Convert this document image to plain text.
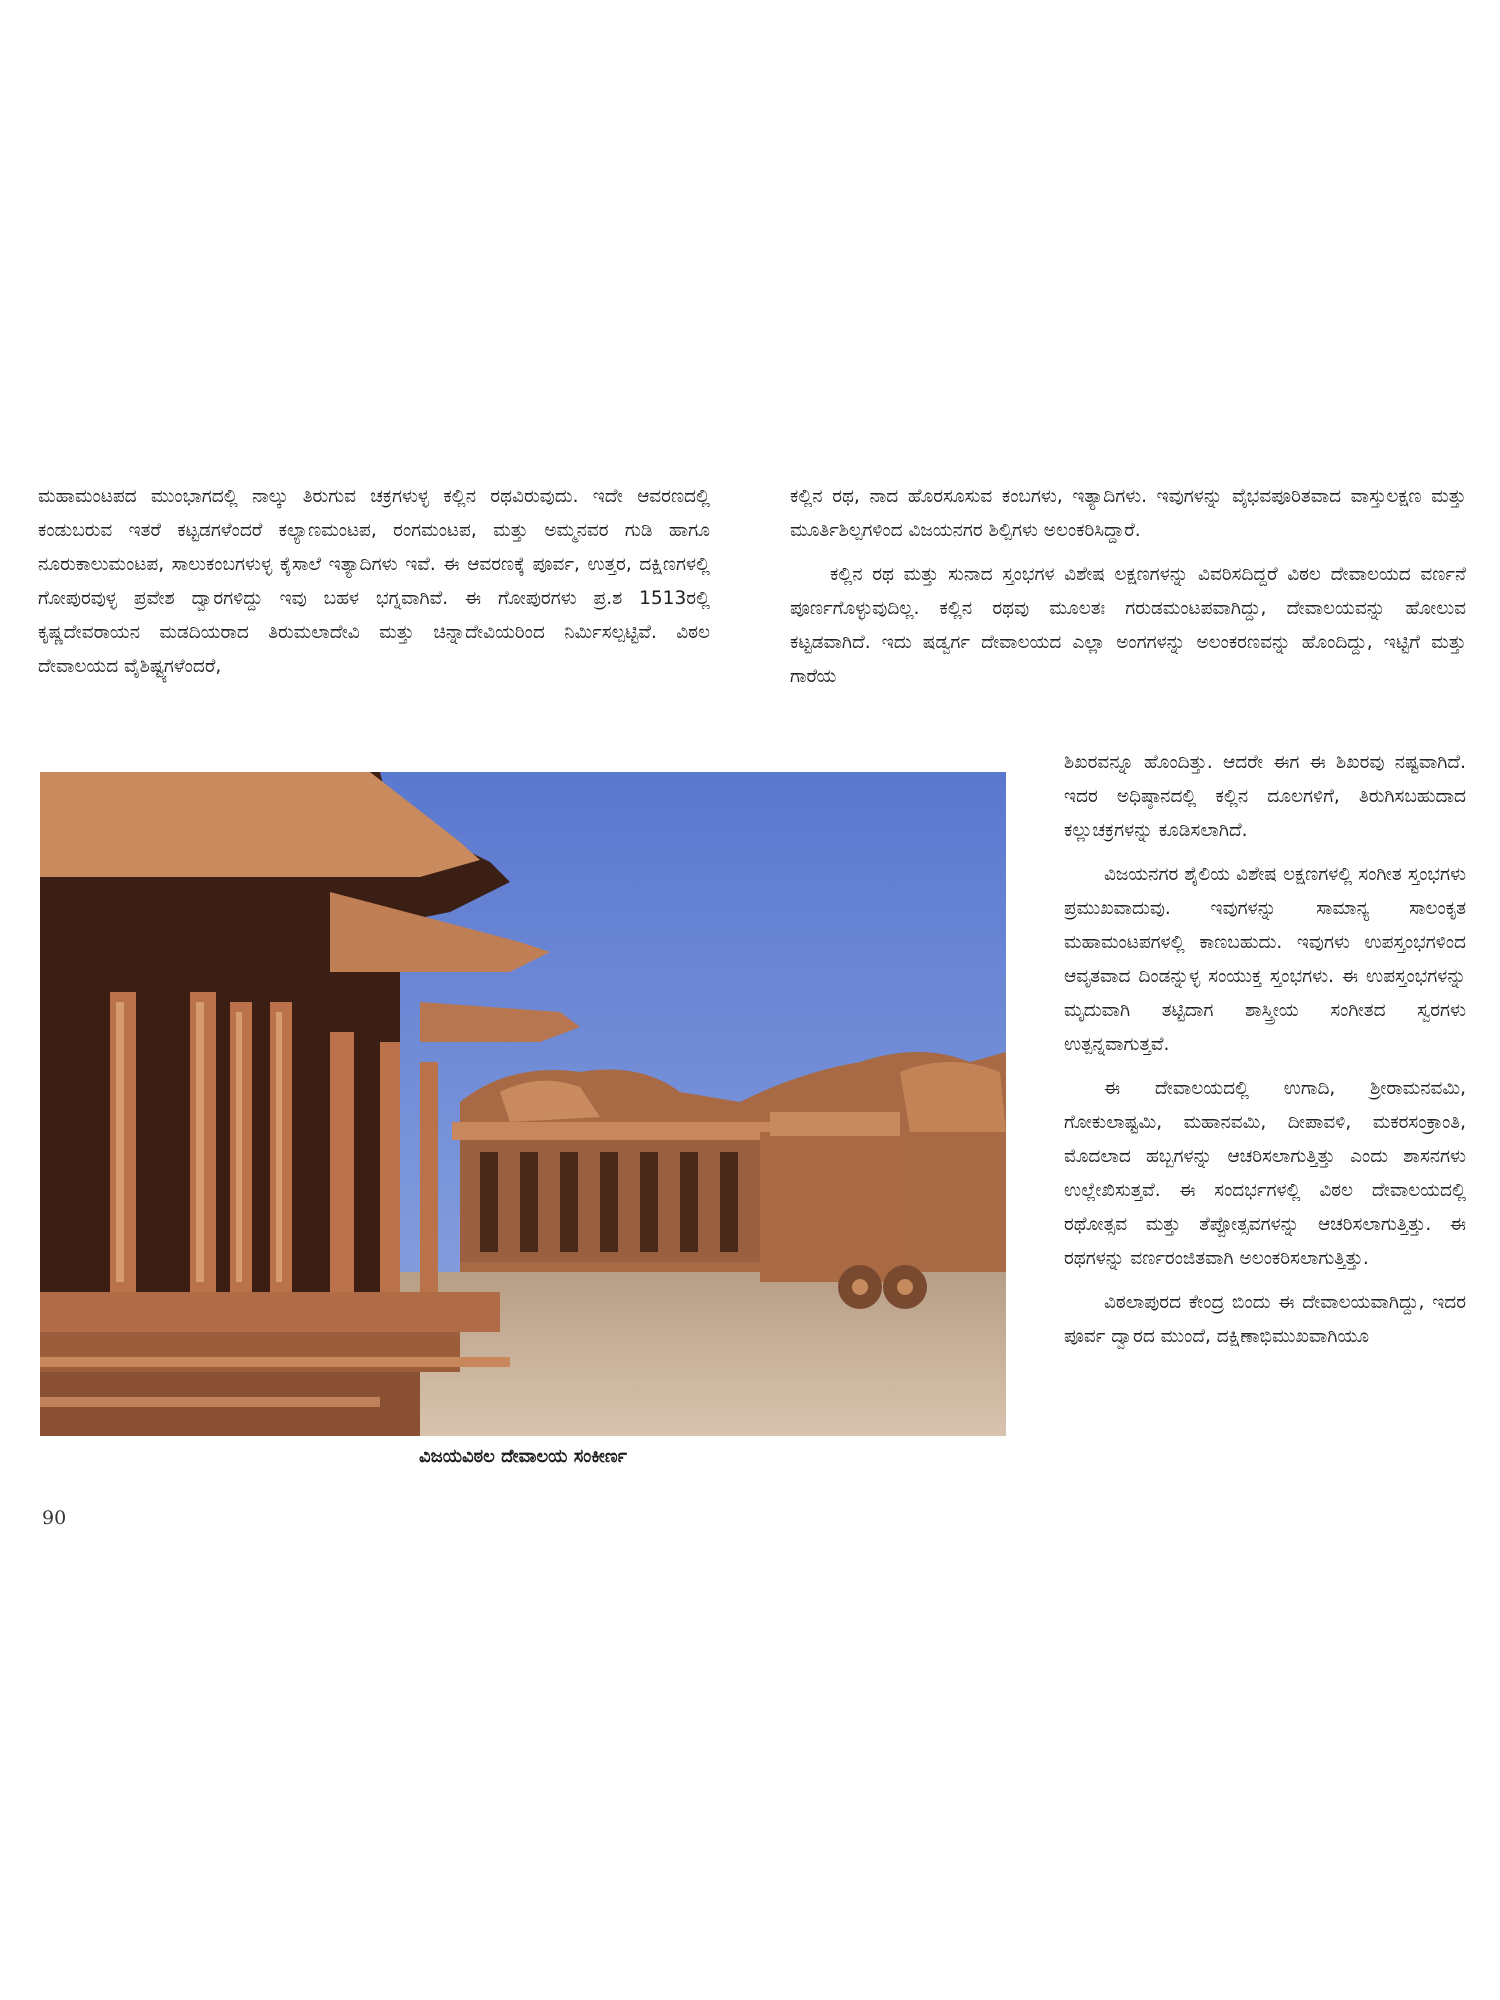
ಮಹಾಮಂಟಪದ ಮುಂಭಾಗದಲ್ಲಿ ನಾಲ್ಕು ತಿರುಗುವ ಚಕ್ರಗಳುಳ್ಳ ಕಲ್ಲಿನ ರಥವಿರುವುದು. ಇದೇ ಆವರಣದಲ್ಲಿ ಕಂಡುಬರುವ ಇತರೆ ಕಟ್ಟಡಗಳೆಂದರೆ ಕಲ್ಯಾಣಮಂಟಪ, ರಂಗಮಂಟಪ, ಮತ್ತು ಅಮ್ಮನವರ ಗುಡಿ ಹಾಗೂ ನೂರುಕಾಲುಮಂಟಪ, ಸಾಲುಕಂಬಗಳುಳ್ಳ ಕೈಸಾಲೆ ಇತ್ಯಾದಿಗಳು ಇವೆ. ಈ ಆವರಣಕ್ಕೆ ಪೂರ್ವ, ಉತ್ತರ, ದಕ್ಷಿಣಗಳಲ್ಲಿ ಗೋಪುರವುಳ್ಳ ಪ್ರವೇಶ ದ್ವಾರಗಳಿದ್ದು ಇವು ಬಹಳ ಭಗ್ನವಾಗಿವೆ. ಈ ಗೋಪುರಗಳು ಪ್ರ.ಶ 1513ರಲ್ಲಿ ಕೃಷ್ಣದೇವರಾಯನ ಮಡದಿಯರಾದ ತಿರುಮಲಾದೇವಿ ಮತ್ತು ಚಿನ್ನಾದೇವಿಯರಿಂದ ನಿರ್ಮಿಸಲ್ಪಟ್ಟಿವೆ. ವಿಠಲ ದೇವಾಲಯದ ವೈಶಿಷ್ಟ್ಯಗಳೆಂದರೆ,

ಕಲ್ಲಿನ ರಥ, ನಾದ ಹೊರಸೂಸುವ ಕಂಬಗಳು, ಇತ್ಯಾದಿಗಳು. ಇವುಗಳನ್ನು ವೈಭವಪೂರಿತವಾದ ವಾಸ್ತುಲಕ್ಷಣ ಮತ್ತು ಮೂರ್ತಿಶಿಲ್ಪಗಳಿಂದ ವಿಜಯನಗರ ಶಿಲ್ಪಿಗಳು ಅಲಂಕರಿಸಿದ್ದಾರೆ.

ಕಲ್ಲಿನ ರಥ ಮತ್ತು ಸುನಾದ ಸ್ತಂಭಗಳ ವಿಶೇಷ ಲಕ್ಷಣಗಳನ್ನು ವಿವರಿಸದಿದ್ದರೆ ವಿಠಲ ದೇವಾಲಯದ ವರ್ಣನೆ ಪೂರ್ಣಗೊಳ್ಳುವುದಿಲ್ಲ. ಕಲ್ಲಿನ ರಥವು ಮೂಲತಃ ಗರುಡಮಂಟಪವಾಗಿದ್ದು, ದೇವಾಲಯವನ್ನು ಹೋಲುವ ಕಟ್ಟಡವಾಗಿದೆ. ಇದು ಷಡ್ವರ್ಗ ದೇವಾಲಯದ ಎಲ್ಲಾ ಅಂಗಗಳನ್ನು ಅಲಂಕರಣವನ್ನು ಹೊಂದಿದ್ದು, ಇಟ್ಟಿಗೆ ಮತ್ತು ಗಾರೆಯ

ಶಿಖರವನ್ನೂ ಹೊಂದಿತ್ತು. ಆದರೇ ಈಗ ಈ ಶಿಖರವು ನಷ್ಟವಾಗಿದೆ. ಇದರ ಅಧಿಷ್ಠಾನದಲ್ಲಿ ಕಲ್ಲಿನ ದೂಲಗಳಿಗೆ, ತಿರುಗಿಸಬಹುದಾದ ಕಲ್ಲುಚಕ್ರಗಳನ್ನು ಕೂಡಿಸಲಾಗಿದೆ.

ವಿಜಯನಗರ ಶೈಲಿಯ ವಿಶೇಷ ಲಕ್ಷಣಗಳಲ್ಲಿ ಸಂಗೀತ ಸ್ತಂಭಗಳು ಪ್ರಮುಖವಾದುವು. ಇವುಗಳನ್ನು ಸಾಮಾನ್ಯ ಸಾಲಂಕೃತ ಮಹಾಮಂಟಪಗಳಲ್ಲಿ ಕಾಣಬಹುದು. ಇವುಗಳು ಉಪಸ್ತಂಭಗಳಿಂದ ಆವೃತವಾದ ದಿಂಡನ್ನುಳ್ಳ ಸಂಯುಕ್ತ ಸ್ತಂಭಗಳು. ಈ ಉಪಸ್ತಂಭಗಳನ್ನು ಮೃದುವಾಗಿ ತಟ್ಟಿದಾಗ ಶಾಸ್ತ್ರೀಯ ಸಂಗೀತದ ಸ್ವರಗಳು ಉತ್ಪನ್ನವಾಗುತ್ತವೆ.

ಈ ದೇವಾಲಯದಲ್ಲಿ ಉಗಾದಿ, ಶ್ರೀರಾಮನವಮಿ, ಗೋಕುಲಾಷ್ಟಮಿ, ಮಹಾನವಮಿ, ದೀಪಾವಳಿ, ಮಕರಸಂಕ್ರಾಂತಿ, ಮೊದಲಾದ ಹಬ್ಬಗಳನ್ನು ಆಚರಿಸಲಾಗುತ್ತಿತ್ತು ಎಂದು ಶಾಸನಗಳು ಉಲ್ಲೇಖಿಸುತ್ತವೆ. ಈ ಸಂದರ್ಭಗಳಲ್ಲಿ ವಿಠಲ ದೇವಾಲಯದಲ್ಲಿ ರಥೋತ್ಸವ ಮತ್ತು ತೆಪ್ಪೋತ್ಸವಗಳನ್ನು ಆಚರಿಸಲಾಗುತ್ತಿತ್ತು. ಈ ರಥಗಳನ್ನು ವರ್ಣರಂಜಿತವಾಗಿ ಅಲಂಕರಿಸಲಾಗುತ್ತಿತ್ತು.

ವಿಠಲಾಪುರದ ಕೇಂದ್ರ ಬಿಂದು ಈ ದೇವಾಲಯವಾಗಿದ್ದು, ಇದರ ಪೂರ್ವ ದ್ವಾರದ ಮುಂದೆ, ದಕ್ಷಿಣಾಭಿಮುಖವಾಗಿಯೂ

ವಿಜಯವಿಠಲ ದೇವಾಲಯ ಸಂಕೀರ್ಣ
90
